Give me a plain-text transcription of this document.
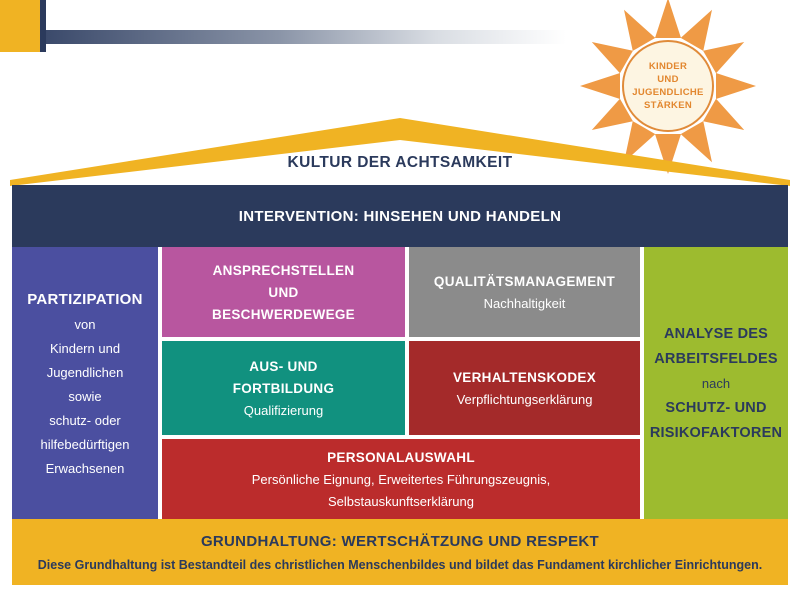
KINDER
UND
JUGENDLICHE
STÄRKEN
KULTUR DER ACHTSAMKEIT
INTERVENTION: HINSEHEN UND HANDELN
PARTIZIPATION
von
Kindern und
Jugendlichen
sowie
schutz- oder
hilfebedürftigen
Erwachsenen
ANSPRECHSTELLEN
UND
BESCHWERDEWEGE
QUALITÄTSMANAGEMENT
Nachhaltigkeit
AUS- UND
FORTBILDUNG
Qualifizierung
VERHALTENSKODEX
Verpflichtungserklärung
PERSONALAUSWAHL
Persönliche Eignung, Erweitertes Führungszeugnis,
Selbstauskunftserklärung
ANALYSE DES
ARBEITSFELDES
nach
SCHUTZ- UND
RISIKOFAKTOREN
GRUNDHALTUNG: WERTSCHÄTZUNG UND RESPEKT
Diese Grundhaltung ist Bestandteil des christlichen Menschenbildes und bildet das Fundament kirchlicher Einrichtungen.
